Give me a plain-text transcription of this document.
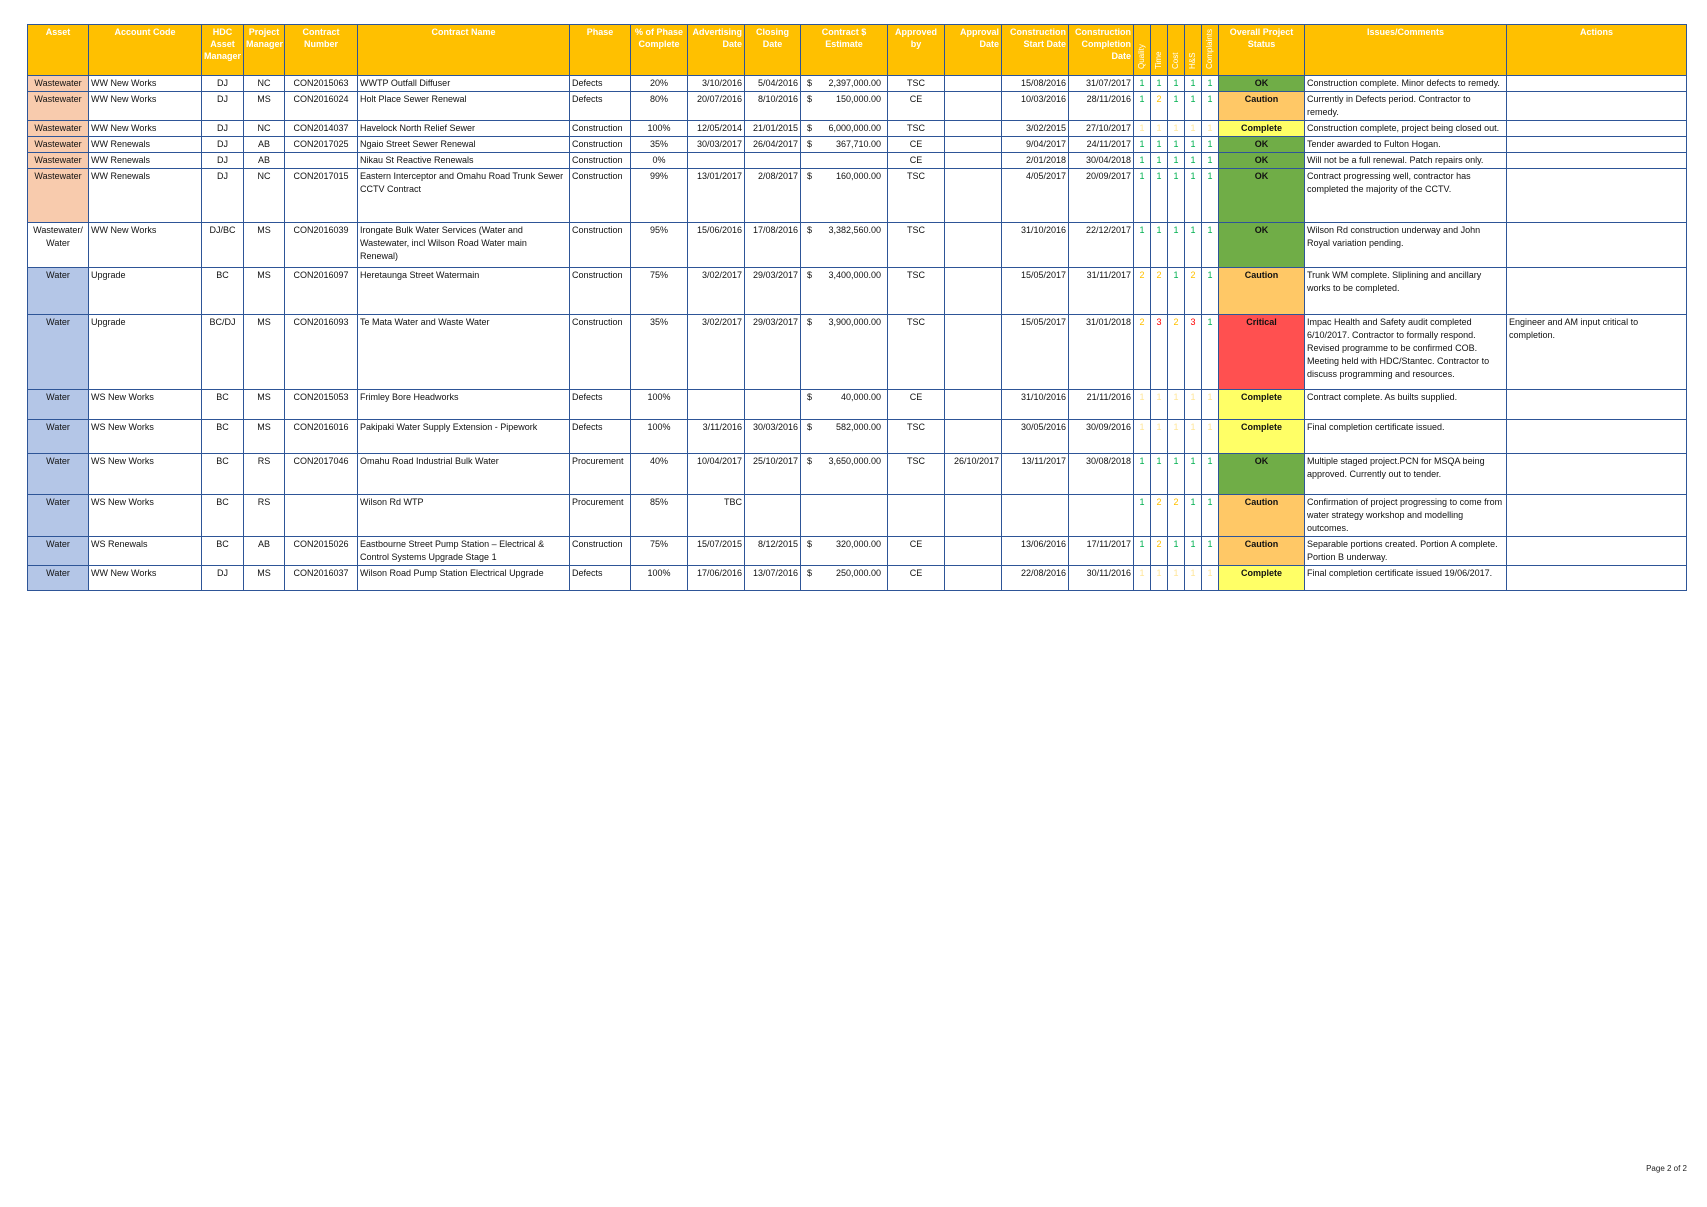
Asset	Account Code	HDC Asset Manager	Project Manager	Contract Number	Contract Name	Phase	% of Phase Complete	Advertising Date	Closing Date	Contract $ Estimate	Approved by	Approval Date	Construction Start Date	Construction Completion Date	Quality	Time	Cost	H&S	Complaints	Overall Project Status	Issues/Comments	Actions
Wastewater	WW New Works	DJ	NC	CON2015063	WWTP Outfall Diffuser	Defects	20%	3/10/2016	5/04/2016	$ 2,397,000.00	TSC		15/08/2016	31/07/2017	1	1	1	1	1	OK	Construction complete. Minor defects to remedy.	
Wastewater	WW New Works	DJ	MS	CON2016024	Holt Place Sewer Renewal	Defects	80%	20/07/2016	8/10/2016	$ 150,000.00	CE		10/03/2016	28/11/2016	1	2	1	1	1	Caution	Currently in Defects period. Contractor to remedy.	
Wastewater	WW New Works	DJ	NC	CON2014037	Havelock North Relief Sewer	Construction	100%	12/05/2014	21/01/2015	$ 6,000,000.00	TSC		3/02/2015	27/10/2017	1	1	1	1	1	Complete	Construction complete, project being closed out.	
Wastewater	WW Renewals	DJ	AB	CON2017025	Ngaio Street Sewer Renewal	Construction	35%	30/03/2017	26/04/2017	$ 367,710.00	CE		9/04/2017	24/11/2017	1	1	1	1	1	OK	Tender awarded to Fulton Hogan.	
Wastewater	WW Renewals	DJ	AB		Nikau St Reactive Renewals	Construction	0%				CE		2/01/2018	30/04/2018	1	1	1	1	1	OK	Will not be a full renewal. Patch repairs only.	
Wastewater	WW Renewals	DJ	NC	CON2017015	Eastern Interceptor and Omahu Road Trunk Sewer CCTV Contract	Construction	99%	13/01/2017	2/08/2017	$ 160,000.00	TSC		4/05/2017	20/09/2017	1	1	1	1	1	OK	Contract progressing well, contractor has completed the majority of the CCTV.	
Wastewater/ Water	WW New Works	DJ/BC	MS	CON2016039	Irongate Bulk Water Services (Water and Wastewater, incl Wilson Road Water main Renewal)	Construction	95%	15/06/2016	17/08/2016	$ 3,382,560.00	TSC		31/10/2016	22/12/2017	1	1	1	1	1	OK	Wilson Rd construction underway and John Royal variation pending.	
Water	Upgrade	BC	MS	CON2016097	Heretaunga Street Watermain	Construction	75%	3/02/2017	29/03/2017	$ 3,400,000.00	TSC		15/05/2017	31/11/2017	2	2	1	2	1	Caution	Trunk WM complete. Sliplining and ancillary works to be completed.	
Water	Upgrade	BC/DJ	MS	CON2016093	Te Mata Water and Waste Water	Construction	35%	3/02/2017	29/03/2017	$ 3,900,000.00	TSC		15/05/2017	31/01/2018	2	3	2	3	1	Critical	Impac Health and Safety audit completed 6/10/2017. Contractor to formally respond. Revised programme to be confirmed COB. Meeting held with HDC/Stantec. Contractor to discuss programming and resources.	Engineer and AM input critical to completion.
Water	WS New Works	BC	MS	CON2015053	Frimley Bore Headworks	Defects	100%			$ 40,000.00	CE		31/10/2016	21/11/2016	1	1	1	1	1	Complete	Contract complete. As builts supplied.	
Water	WS New Works	BC	MS	CON2016016	Pakipaki Water Supply Extension - Pipework	Defects	100%	3/11/2016	30/03/2016	$ 582,000.00	TSC		30/05/2016	30/09/2016	1	1	1	1	1	Complete	Final completion certificate issued.	
Water	WS New Works	BC	RS	CON2017046	Omahu Road Industrial Bulk Water	Procurement	40%	10/04/2017	25/10/2017	$ 3,650,000.00	TSC	26/10/2017	13/11/2017	30/08/2018	1	1	1	1	1	OK	Multiple staged project.PCN for MSQA being approved. Currently out to tender.	
Water	WS New Works	BC	RS		Wilson Rd WTP	Procurement	85%	TBC							1	2	2	1	1	Caution	Confirmation of project progressing to come from water strategy workshop and modelling outcomes.	
Water	WS Renewals	BC	AB	CON2015026	Eastbourne Street Pump Station – Electrical & Control Systems Upgrade Stage 1	Construction	75%	15/07/2015	8/12/2015	$ 320,000.00	CE		13/06/2016	17/11/2017	1	2	1	1	1	Caution	Separable portions created. Portion A complete. Portion B underway.	
Water	WW New Works	DJ	MS	CON2016037	Wilson Road Pump Station Electrical Upgrade	Defects	100%	17/06/2016	13/07/2016	$ 250,000.00	CE		22/08/2016	30/11/2016	1	1	1	1	1	Complete	Final completion certificate issued 19/06/2017.	
Page 2 of 2
